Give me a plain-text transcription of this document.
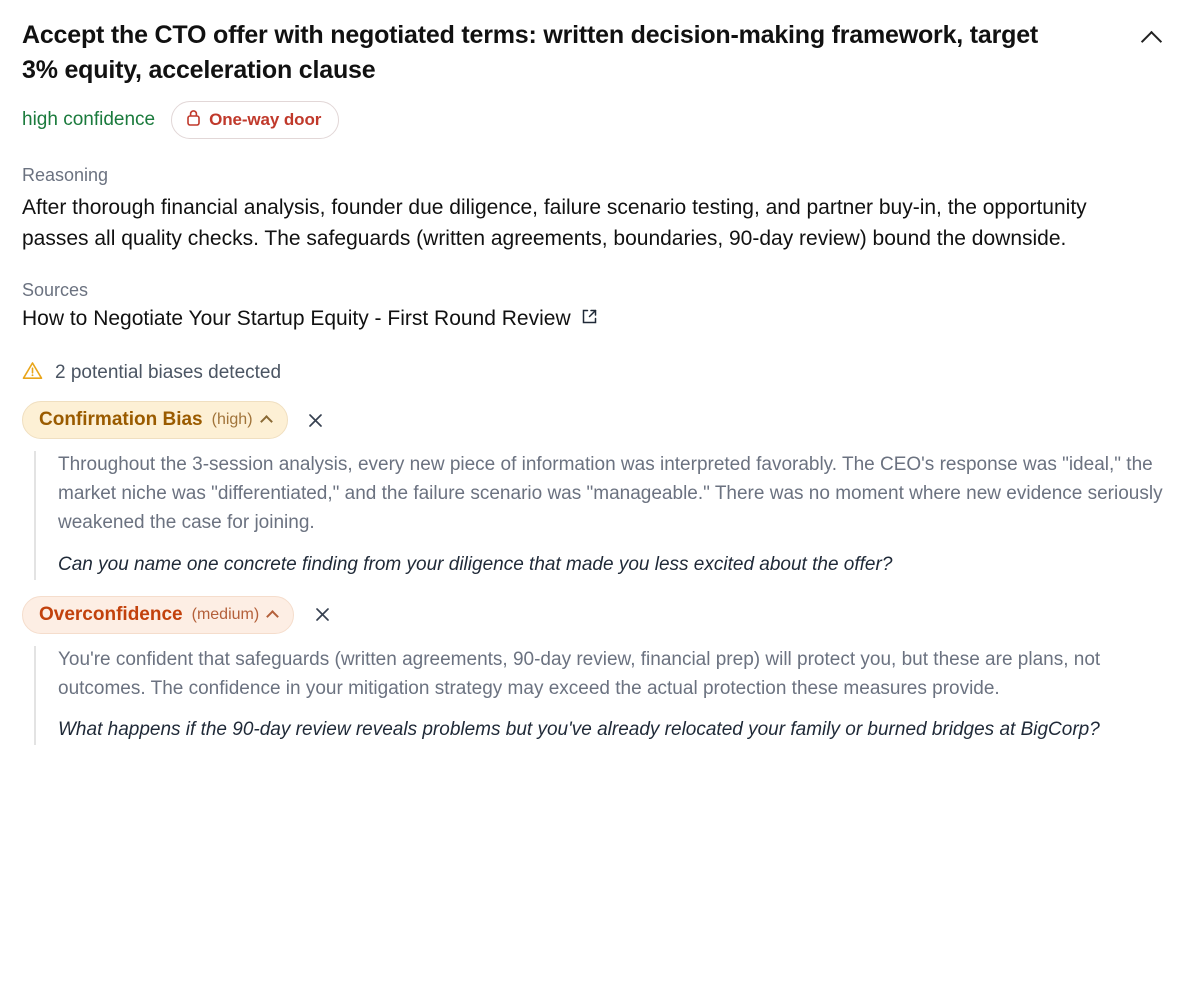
Accept the CTO offer with negotiated terms: written decision-making framework, target 3% equity, acceleration clause
high confidence	One-way door
Reasoning

After thorough financial analysis, founder due diligence, failure scenario testing, and partner buy-in, the opportunity passes all quality checks. The safeguards (written agreements, boundaries, 90-day review) bound the downside.

Sources
How to Negotiate Your Startup Equity - First Round Review
2 potential biases detected
Confirmation Bias (high)

Throughout the 3-session analysis, every new piece of information was interpreted favorably. The CEO's response was "ideal," the market niche was "differentiated," and the failure scenario was "manageable." There was no moment where new evidence seriously weakened the case for joining.

Can you name one concrete finding from your diligence that made you less excited about the offer?

Overconfidence (medium)

You're confident that safeguards (written agreements, 90-day review, financial prep) will protect you, but these are plans, not outcomes. The confidence in your mitigation strategy may exceed the actual protection these measures provide.

What happens if the 90-day review reveals problems but you've already relocated your family or burned bridges at BigCorp?
